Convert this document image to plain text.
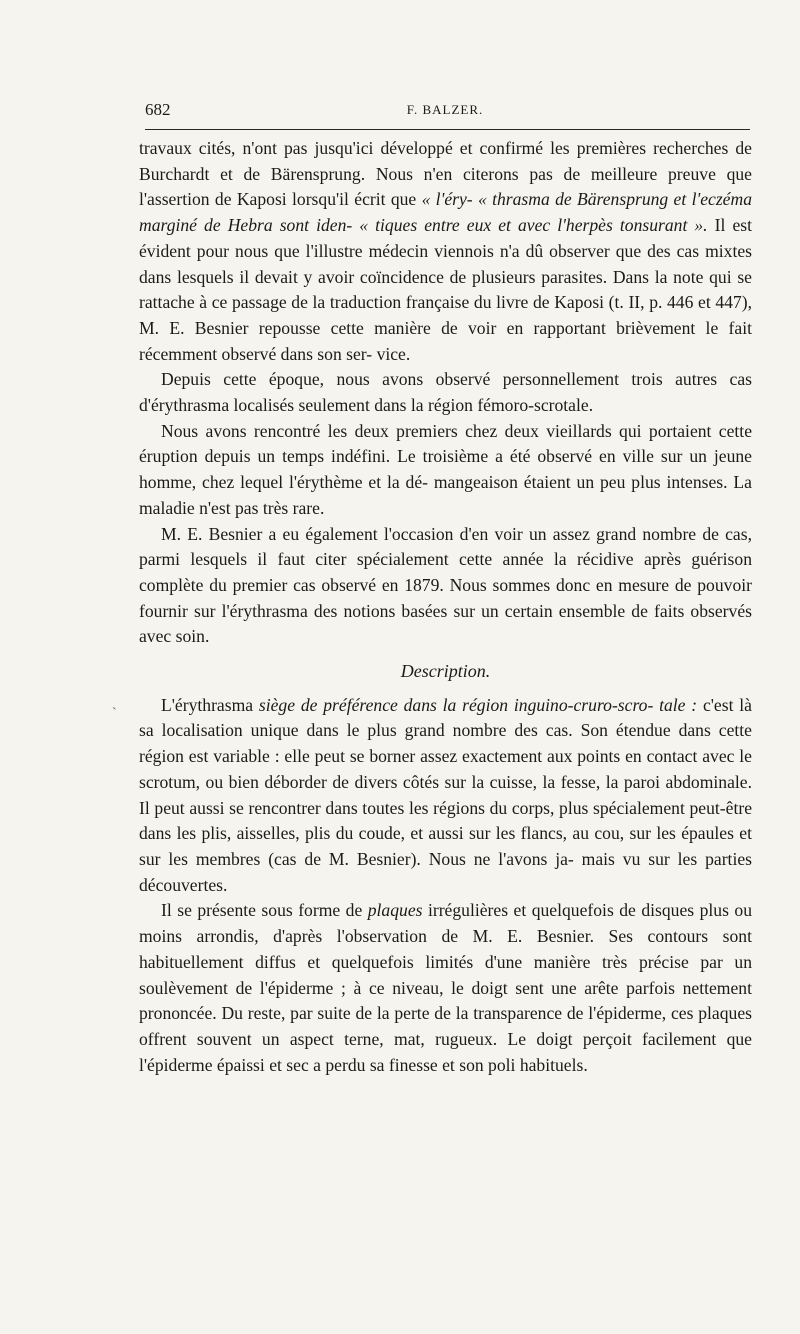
682	F. BALZER.
˴

travaux cités, n'ont pas jusqu'ici développé et confirmé les premières recherches de Burchardt et de Bärensprung. Nous n'en citerons pas de meilleure preuve que l'assertion de Kaposi lorsqu'il écrit que « l'éry- « thrasma de Bärensprung et l'eczéma marginé de Hebra sont iden- « tiques entre eux et avec l'herpès tonsurant ». Il est évident pour nous que l'illustre médecin viennois n'a dû observer que des cas mixtes dans lesquels il devait y avoir coïncidence de plusieurs parasites. Dans la note qui se rattache à ce passage de la traduction française du livre de Kaposi (t. II, p. 446 et 447), M. E. Besnier repousse cette manière de voir en rapportant brièvement le fait récemment observé dans son ser- vice.

Depuis cette époque, nous avons observé personnellement trois autres cas d'érythrasma localisés seulement dans la région fémoro-scrotale.

Nous avons rencontré les deux premiers chez deux vieillards qui portaient cette éruption depuis un temps indéfini. Le troisième a été observé en ville sur un jeune homme, chez lequel l'érythème et la dé- mangeaison étaient un peu plus intenses. La maladie n'est pas très rare.

M. E. Besnier a eu également l'occasion d'en voir un assez grand nombre de cas, parmi lesquels il faut citer spécialement cette année la récidive après guérison complète du premier cas observé en 1879. Nous sommes donc en mesure de pouvoir fournir sur l'érythrasma des notions basées sur un certain ensemble de faits observés avec soin.

Description.

L'érythrasma siège de préférence dans la région inguino-cruro-scro- tale : c'est là sa localisation unique dans le plus grand nombre des cas. Son étendue dans cette région est variable : elle peut se borner assez exactement aux points en contact avec le scrotum, ou bien déborder de divers côtés sur la cuisse, la fesse, la paroi abdominale. Il peut aussi se rencontrer dans toutes les régions du corps, plus spécialement peut-être dans les plis, aisselles, plis du coude, et aussi sur les flancs, au cou, sur les épaules et sur les membres (cas de M. Besnier). Nous ne l'avons ja- mais vu sur les parties découvertes.

Il se présente sous forme de plaques irrégulières et quelquefois de disques plus ou moins arrondis, d'après l'observation de M. E. Besnier. Ses contours sont habituellement diffus et quelquefois limités d'une manière très précise par un soulèvement de l'épiderme ; à ce niveau, le doigt sent une arête parfois nettement prononcée. Du reste, par suite de la perte de la transparence de l'épiderme, ces plaques offrent souvent un aspect terne, mat, rugueux. Le doigt perçoit facilement que l'épiderme épaissi et sec a perdu sa finesse et son poli habituels.
